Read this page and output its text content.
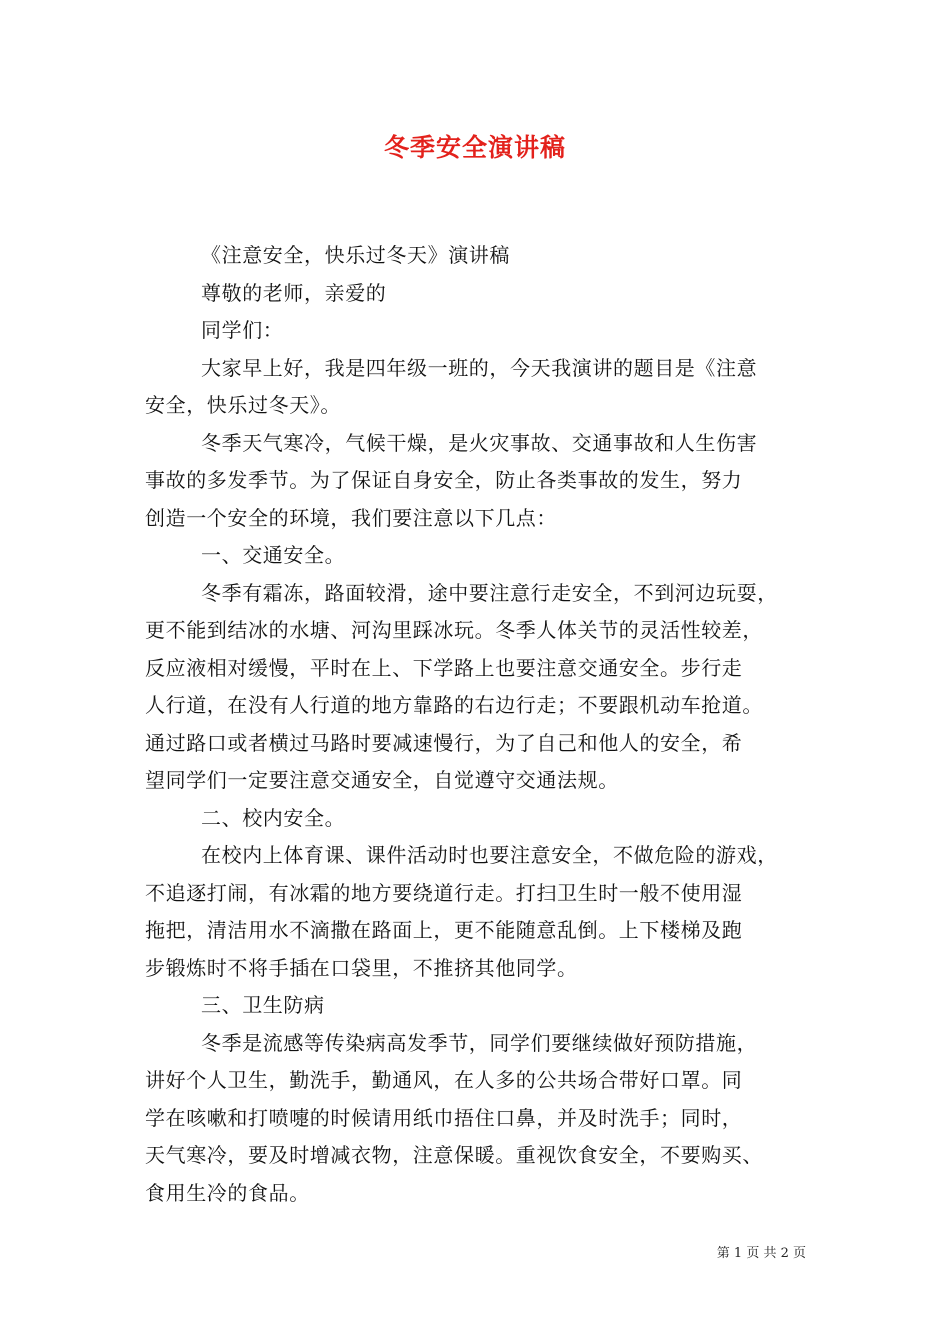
冬季安全演讲稿
《注意安全，快乐过冬天》演讲稿
尊敬的老师，亲爱的
同学们：
大家早上好，我是四年级一班的，今天我演讲的题目是《注意
安全，快乐过冬天》。
冬季天气寒冷，气候干燥，是火灾事故、交通事故和人生伤害
事故的多发季节。为了保证自身安全，防止各类事故的发生，努力
创造一个安全的环境，我们要注意以下几点：
一、交通安全。
冬季有霜冻，路面较滑，途中要注意行走安全，不到河边玩耍，
更不能到结冰的水塘、河沟里踩冰玩。冬季人体关节的灵活性较差，
反应液相对缓慢，平时在上、下学路上也要注意交通安全。步行走
人行道，在没有人行道的地方靠路的右边行走；不要跟机动车抢道。
通过路口或者横过马路时要减速慢行，为了自己和他人的安全，希
望同学们一定要注意交通安全，自觉遵守交通法规。
二、校内安全。
在校内上体育课、课件活动时也要注意安全，不做危险的游戏，
不追逐打闹，有冰霜的地方要绕道行走。打扫卫生时一般不使用湿
拖把，清洁用水不滴撒在路面上，更不能随意乱倒。上下楼梯及跑
步锻炼时不将手插在口袋里，不推挤其他同学。
三、卫生防病
冬季是流感等传染病高发季节，同学们要继续做好预防措施，
讲好个人卫生，勤洗手，勤通风，在人多的公共场合带好口罩。同
学在咳嗽和打喷嚏的时候请用纸巾捂住口鼻，并及时洗手；同时，
天气寒冷，要及时增减衣物，注意保暖。重视饮食安全，不要购买、
食用生冷的食品。
第 1 页 共 2 页
